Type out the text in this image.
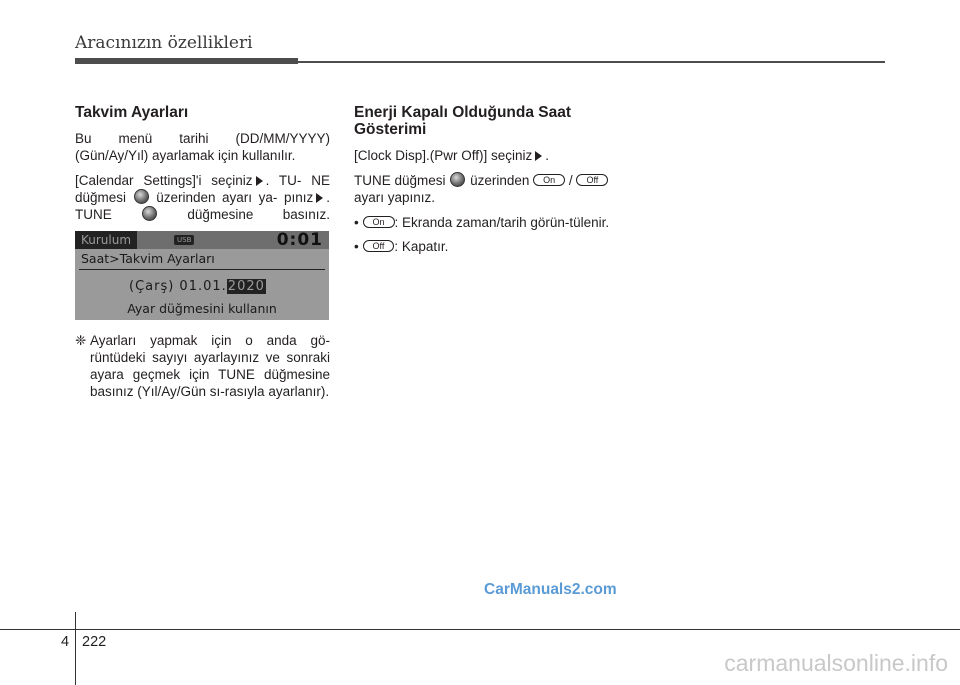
Aracınızın özellikleri
Takvim Ayarları

Bu menü tarihi (DD/MM/YYYY) (Gün/Ay/Yıl) ayarlamak için kullanılır.

[Calendar Settings]'i seçiniz . TU- NE düğmesi üzerinden ayarı ya- pınız . TUNE	düğmesine basınız.

Kurulum	USB	0:01
Saat>Takvim Ayarları
(Çarş) 01.01.2020
Ayar düğmesini kullanın
❈ Ayarları yapmak için o anda gö-rüntüdeki sayıyı ayarlayınız ve sonraki ayara geçmek için TUNE düğmesine basınız (Yıl/Ay/Gün sı-rasıyla ayarlanır).
Enerji Kapalı Olduğunda Saat
Gösterimi

[Clock Disp].(Pwr Off)] seçiniz .

TUNE düğmesi üzerinden On / Off ayarı yapınız.

• On : Ekranda zaman/tarih görün-tülenir.
• Off : Kapatır.
CarManuals2.com
4 222
carmanualsonline.info
